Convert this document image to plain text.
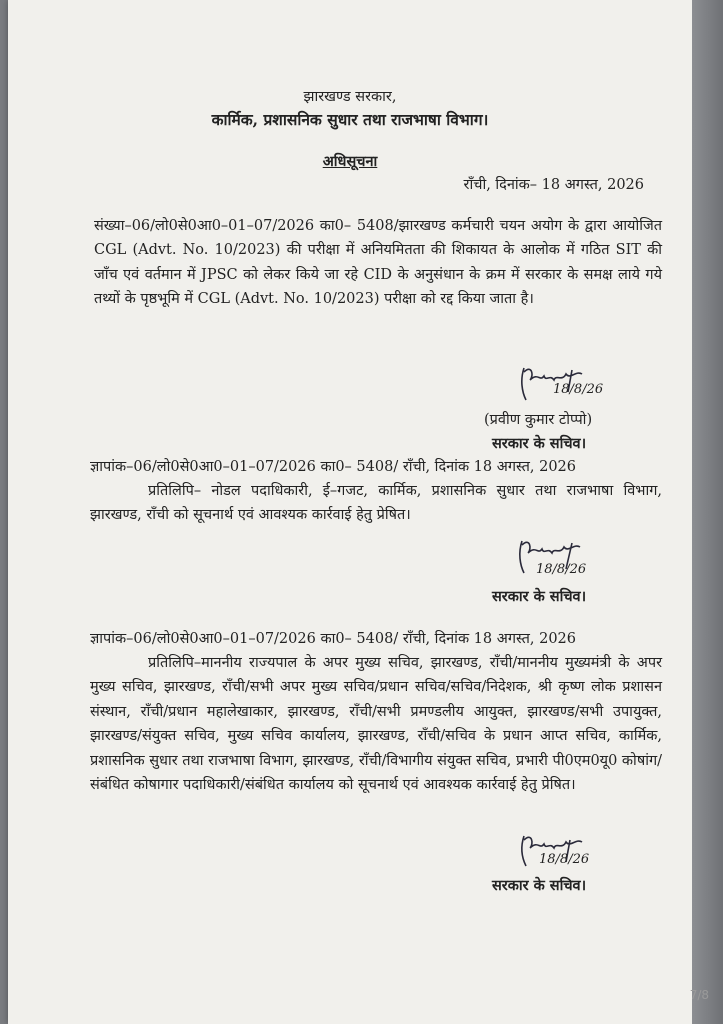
झारखण्ड सरकार,
कार्मिक, प्रशासनिक सुधार तथा राजभाषा विभाग।
अधिसूचना
राँची, दिनांक– 18 अगस्त, 2026
संख्या–06/लो0से0आ0–01–07/2026 का0– 5408/झारखण्ड कर्मचारी चयन अयोग के द्वारा आयोजित CGL (Advt. No. 10/2023) की परीक्षा में अनियमितता की शिकायत के आलोक में गठित SIT की जाँच एवं वर्तमान में JPSC को लेकर किये जा रहे CID के अनुसंधान के क्रम में सरकार के समक्ष लाये गये तथ्यों के पृष्ठभूमि में CGL (Advt. No. 10/2023) परीक्षा को रद्द किया जाता है।
18/8/26
(प्रवीण कुमार टोप्पो)
सरकार के सचिव।
ज्ञापांक–06/लो0से0आ0–01–07/2026 का0– 5408/ राँची, दिनांक 18 अगस्त, 2026
प्रतिलिपि– नोडल पदाधिकारी, ई–गजट, कार्मिक, प्रशासनिक सुधार तथा राजभाषा विभाग, झारखण्ड, राँची को सूचनार्थ एवं आवश्यक कार्रवाई हेतु प्रेषित।
18/8/26
सरकार के सचिव।
ज्ञापांक–06/लो0से0आ0–01–07/2026 का0– 5408/ राँची, दिनांक 18 अगस्त, 2026
प्रतिलिपि–माननीय राज्यपाल के अपर मुख्य सचिव, झारखण्ड, राँची/माननीय मुख्यमंत्री के अपर मुख्य सचिव, झारखण्ड, राँची/सभी अपर मुख्य सचिव/प्रधान सचिव/सचिव/निदेशक, श्री कृष्ण लोक प्रशासन संस्थान, राँची/प्रधान महालेखाकार, झारखण्ड, राँची/सभी प्रमण्डलीय आयुक्त, झारखण्ड/सभी उपायुक्त, झारखण्ड/संयुक्त सचिव, मुख्य सचिव कार्यालय, झारखण्ड, राँची/सचिव के प्रधान आप्त सचिव, कार्मिक, प्रशासनिक सुधार तथा राजभाषा विभाग, झारखण्ड, राँची/विभागीय संयुक्त सचिव, प्रभारी पी0एम0यू0 कोषांग/संबंधित कोषागार पदाधिकारी/संबंधित कार्यालय को सूचनार्थ एवं आवश्यक कार्रवाई हेतु प्रेषित।
18/8/26
सरकार के सचिव।
7/8
